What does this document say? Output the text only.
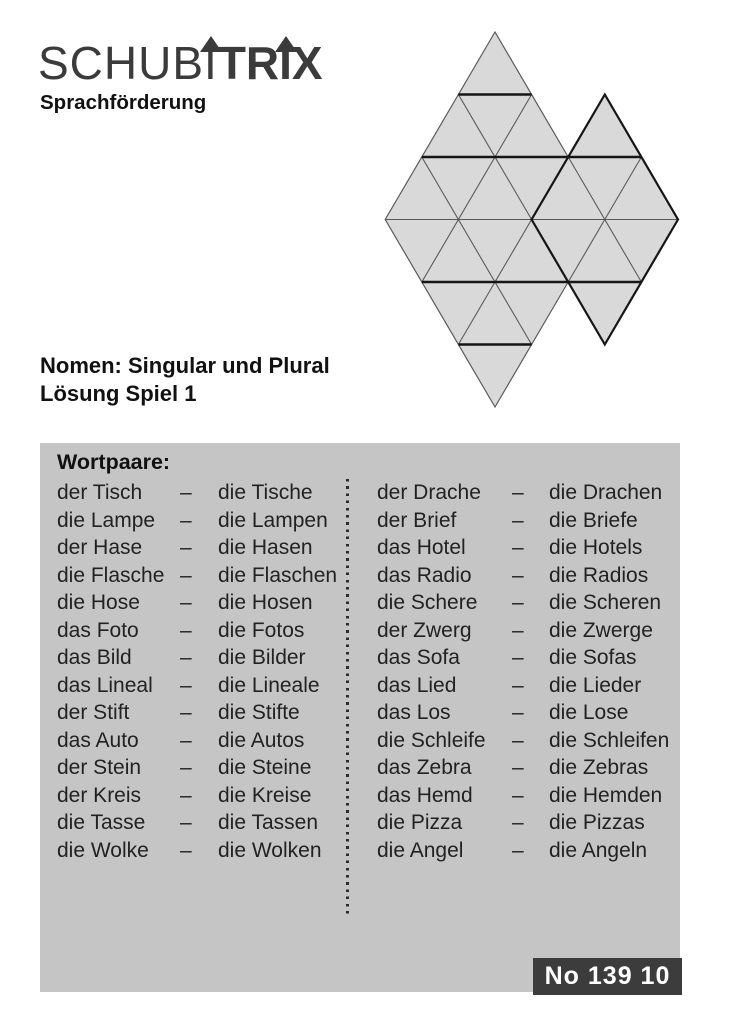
SCHUB
ITR
IX
Sprachförderung
Nomen: Singular und Plural
Lösung Spiel 1
Wortpaare:
der Tisch	–	die Tische
die Lampe	–	die Lampen
der Hase	–	die Hasen
die Flasche –	die Flaschen
die Hose	–	die Hosen
das Foto	–	die Fotos
das Bild	–	die Bilder
das Lineal	–	die Lineale
der Stift	–	die Stifte
das Auto	–	die Autos
der Stein	–	die Steine
der Kreis	–	die Kreise
die Tasse	–	die Tassen
die Wolke	–	die Wolken
der Drache	–	die Drachen
der Brief	–	die Briefe
das Hotel	–	die Hotels
das Radio	–	die Radios
die Schere	–	die Scheren
der Zwerg	–	die Zwerge
das Sofa	–	die Sofas
das Lied	–	die Lieder
das Los	–	die Lose
die Schleife	–	die Schleifen
das Zebra	–	die Zebras
das Hemd	–	die Hemden
die Pizza	–	die Pizzas
die Angel	–	die Angeln
No 139 10
